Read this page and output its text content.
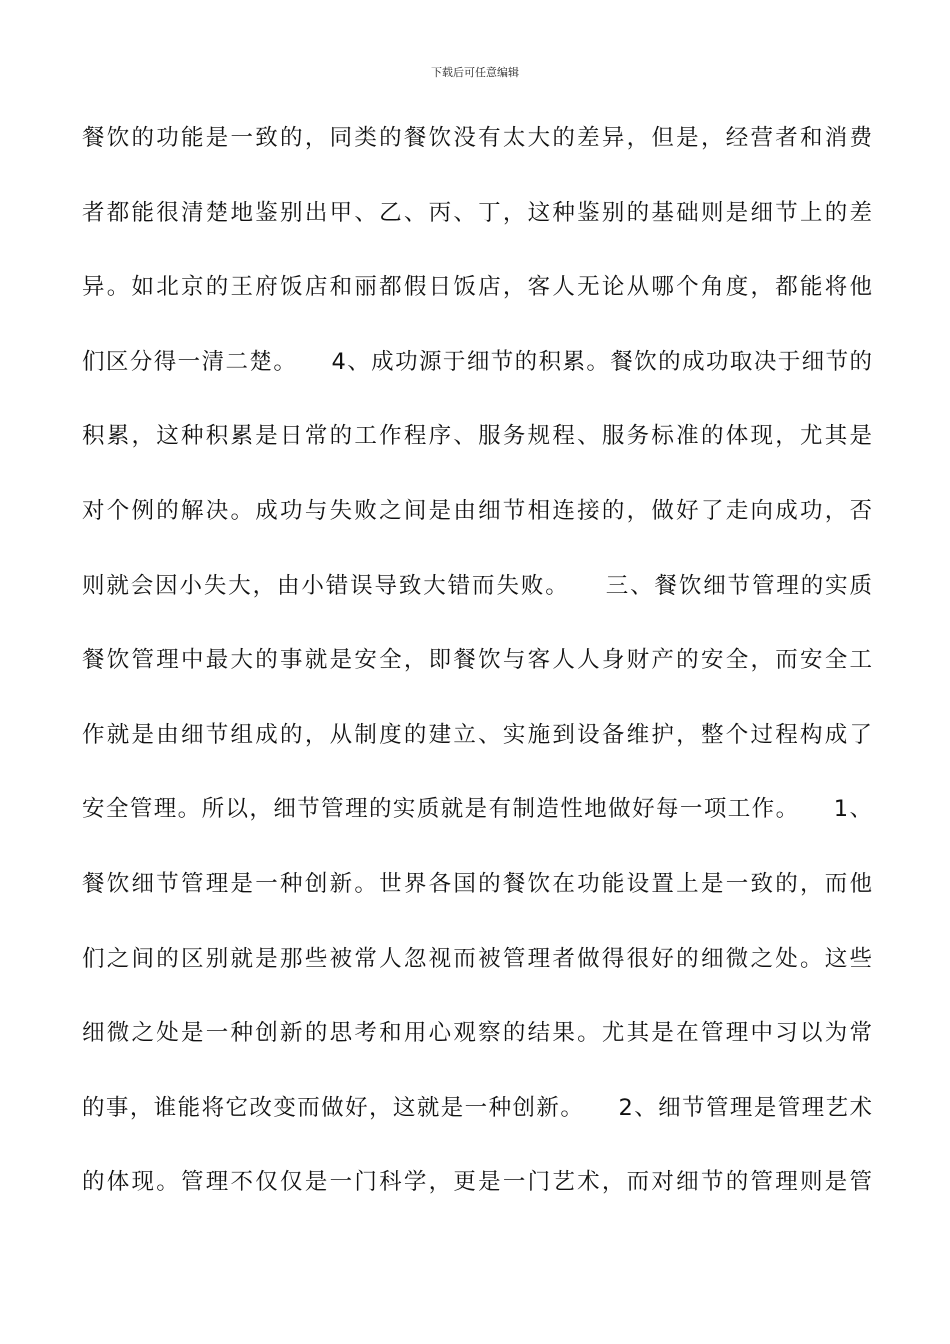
下载后可任意编辑
餐饮的功能是一致的，同类的餐饮没有太大的差异，但是，经营者和消费
者都能很清楚地鉴别出甲、乙、丙、丁，这种鉴别的基础则是细节上的差
异。如北京的王府饭店和丽都假日饭店，客人无论从哪个角度，都能将他
们区分得一清二楚。    4、成功源于细节的积累。餐饮的成功取决于细节的
积累，这种积累是日常的工作程序、服务规程、服务标准的体现，尤其是
对个例的解决。成功与失败之间是由细节相连接的，做好了走向成功，否
则就会因小失大，由小错误导致大错而失败。    三、餐饮细节管理的实质
餐饮管理中最大的事就是安全，即餐饮与客人人身财产的安全，而安全工
作就是由细节组成的，从制度的建立、实施到设备维护，整个过程构成了
安全管理。所以，细节管理的实质就是有制造性地做好每一项工作。    1、
餐饮细节管理是一种创新。世界各国的餐饮在功能设置上是一致的，而他
们之间的区别就是那些被常人忽视而被管理者做得很好的细微之处。这些
细微之处是一种创新的思考和用心观察的结果。尤其是在管理中习以为常
的事，谁能将它改变而做好，这就是一种创新。    2、细节管理是管理艺术
的体现。管理不仅仅是一门科学，更是一门艺术，而对细节的管理则是管
